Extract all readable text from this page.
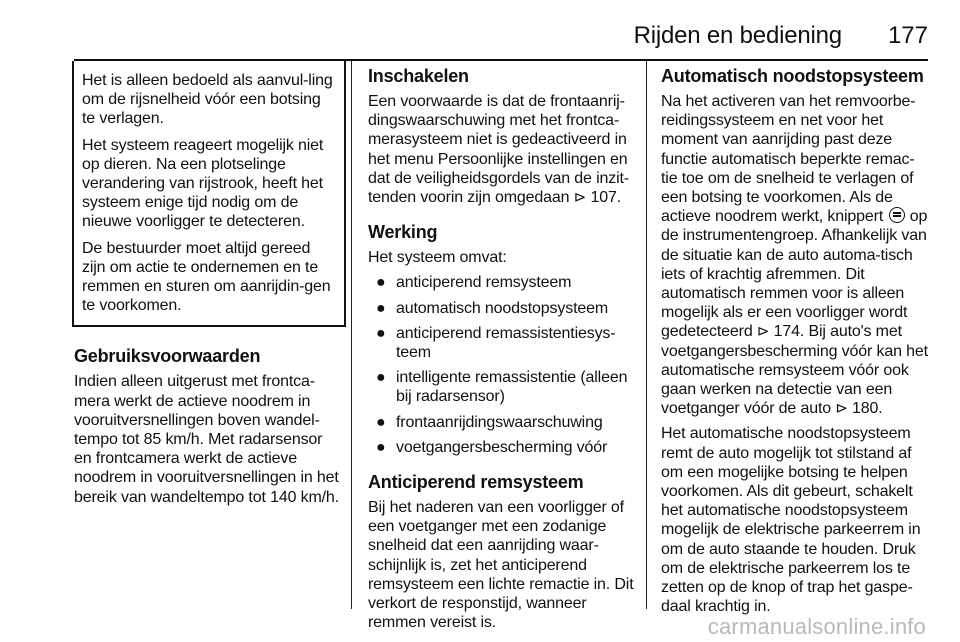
Rijden en bediening 177

Het is alleen bedoeld als aanvul-ling om de rijsnelheid vóór een botsing te verlagen.

Het systeem reageert mogelijk niet op dieren. Na een plotselinge verandering van rijstrook, heeft het systeem enige tijd nodig om de nieuwe voorligger te detecteren.

De bestuurder moet altijd gereed zijn om actie te ondernemen en te remmen en sturen om aanrijdin-gen te voorkomen.

Gebruiksvoorwaarden

Indien alleen uitgerust met frontca-mera werkt de actieve noodrem in vooruitversnellingen boven wandel-tempo tot 85 km/h. Met radarsensor en frontcamera werkt de actieve noodrem in vooruitversnellingen in het bereik van wandeltempo tot 140 km/h.

Inschakelen

Een voorwaarde is dat de frontaanrij-dingswaarschuwing met het frontca-merasysteem niet is gedeactiveerd in het menu Persoonlijke instellingen en dat de veiligheidsgordels van de inzit-tenden voorin zijn omgedaan ⊳ 107.

Werking

Het systeem omvat:

● anticiperend remsysteem
● automatisch noodstopsysteem
● anticiperend remassistentiesys-teem
● intelligente remassistentie (alleen bij radarsensor)
● frontaanrijdingswaarschuwing
● voetgangersbescherming vóór
Anticiperend remsysteem

Bij het naderen van een voorligger of een voetganger met een zodanige snelheid dat een aanrijding waar-schijnlijk is, zet het anticiperend remsysteem een lichte remactie in. Dit verkort de responstijd, wanneer remmen vereist is.

Automatisch noodstopsysteem

Na het activeren van het remvoorbe-reidingssysteem en net voor het moment van aanrijding past deze functie automatisch beperkte remac-tie toe om de snelheid te verlagen of een botsing te voorkomen. Als de actieve noodrem werkt, knippert op de instrumentengroep. Afhankelijk van de situatie kan de auto automa-tisch iets of krachtig afremmen. Dit automatisch remmen voor is alleen mogelijk als er een voorligger wordt gedetecteerd ⊳ 174. Bij auto's met voetgangersbescherming vóór kan het automatische remsysteem vóór ook gaan werken na detectie van een voetganger vóór de auto ⊳ 180.

Het automatische noodstopsysteem remt de auto mogelijk tot stilstand af om een mogelijke botsing te helpen voorkomen. Als dit gebeurt, schakelt het automatische noodstopsysteem mogelijk de elektrische parkeerrem in om de auto staande te houden. Druk om de elektrische parkeerrem los te zetten op de knop of trap het gaspe-daal krachtig in.

carmanualsonline.info
